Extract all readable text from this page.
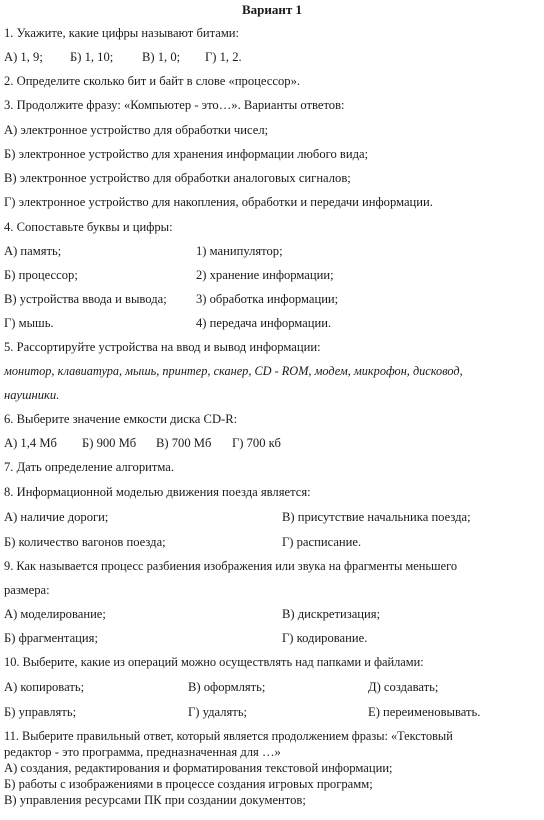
Вариант 1
1. Укажите, какие цифры называют битами:
А) 1, 9; Б) 1, 10; В) 1, 0; Г) 1, 2.
2. Определите сколько бит и байт в слове «процессор».
3. Продолжите фразу: «Компьютер - это…». Варианты ответов:
А) электронное устройство для обработки чисел;
Б) электронное устройство для хранения информации любого вида;
В) электронное устройство для обработки аналоговых сигналов;
Г) электронное устройство для накопления, обработки и передачи информации.
4. Сопоставьте буквы и цифры:
А) память;	1) манипулятор;
Б) процессор;	2) хранение информации;
В) устройства ввода и вывода; 3) обработка информации;
Г) мышь.	4) передача информации.
5. Рассортируйте устройства на ввод и вывод информации:
монитор, клавиатура, мышь, принтер, сканер, CD - ROM, модем, микрофон, дисковод,
наушники.
6. Выберите значение емкости диска CD-R:
А) 1,4 Мб Б) 900 Мб В) 700 Мб Г) 700 кб
7. Дать определение алгоритма.
8. Информационной моделью движения поезда является:
А) наличие дороги;	В) присутствие начальника поезда;
Б) количество вагонов поезда;	Г) расписание.
9. Как называется процесс разбиения изображения или звука на фрагменты меньшего
размера:
А) моделирование;	В) дискретизация;
Б) фрагментация;	Г) кодирование.
10. Выберите, какие из операций можно осуществлять над папками и файлами:
А) копировать;	В) оформлять;	Д) создавать;
Б) управлять;	Г) удалять;	Е) переименовывать.
11. Выберите правильный ответ, который является продолжением фразы: «Текстовый
редактор - это программа, предназначенная для …»
А) создания, редактирования и форматирования текстовой информации;
Б) работы с изображениями в процессе создания игровых программ;
В) управления ресурсами ПК при создании документов;
